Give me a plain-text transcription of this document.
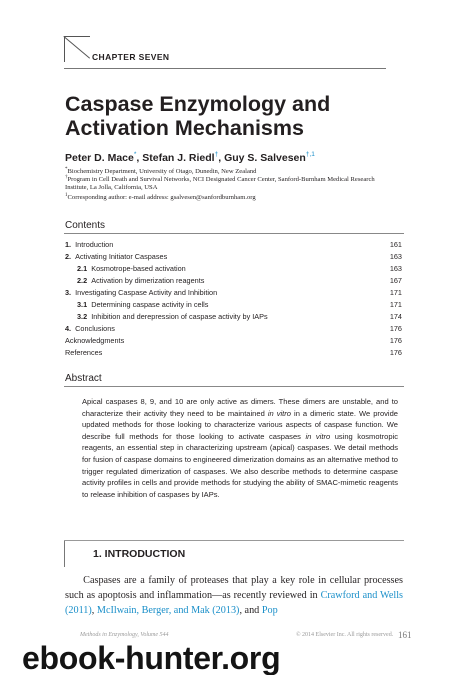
CHAPTER SEVEN
Caspase Enzymology and
Activation Mechanisms
Peter D. Mace*, Stefan J. Riedl†, Guy S. Salvesen$^{\dagger,1}$
*Biochemistry Department, University of Otago, Dunedin, New Zealand
†Program in Cell Death and Survival Networks, NCI Designated Cancer Center, Sanford-Burnham Medical Research Institute, La Jolla, California, USA
$^1$Corresponding author: e-mail address: gsalvesen@sanfordburnham.org
Contents
1. Introduction	161
2. Activating Initiator Caspases	163
2.1 Kosmotrope-based activation	163
2.2 Activation by dimerization reagents	167
3. Investigating Caspase Activity and Inhibition	171
3.1 Determining caspase activity in cells	171
3.2 Inhibition and derepression of caspase activity by IAPs	174
4. Conclusions	176
Acknowledgments	176
References	176
Abstract
Apical caspases 8, 9, and 10 are only active as dimers. These dimers are unstable, and to characterize their activity they need to be maintained in vitro in a dimeric state. We provide updated methods for those looking to characterize various aspects of caspase function. We describe full methods for those looking to activate caspases in vitro using kosmotropic reagents, an essential step in characterizing upstream (apical) caspases. We detail methods for fusion of caspase domains to engineered dimerization domains as an alternative method to trigger regulated dimerization of caspases. We also describe methods to determine caspase activity profiles in cells and provide methods for studying the ability of SMAC-mimetic reagents to release inhibition of caspases by IAPs.
1. INTRODUCTION
Caspases are a family of proteases that play a key role in cellular processes such as apoptosis and inflammation—as recently reviewed in Crawford and Wells (2011), McIlwain, Berger, and Mak (2013), and Pop
Methods in Enzymology, Volume 544	© 2014 Elsevier Inc. All rights reserved. 161
ebook-hunter.org
